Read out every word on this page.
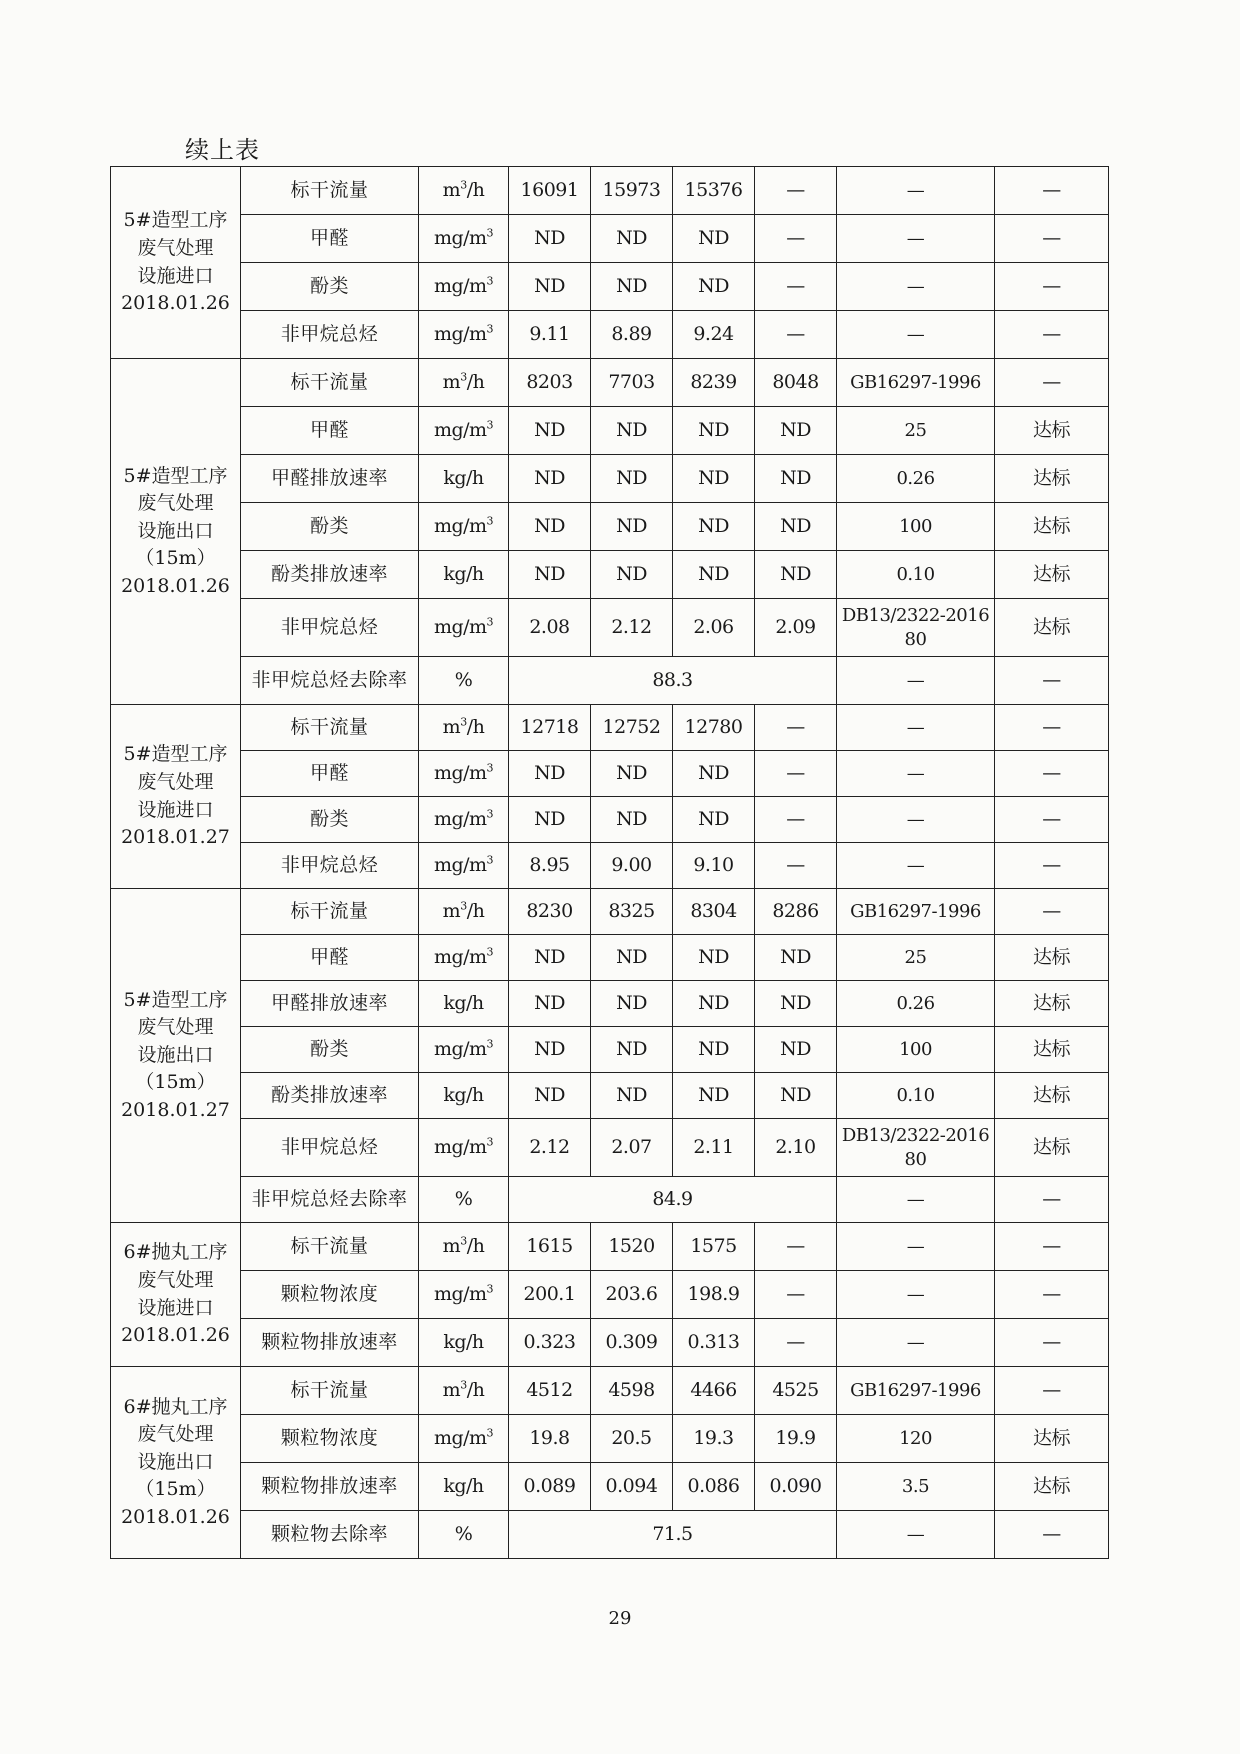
续上表
5#造型工序
废气处理
设施进口
2018.01.26	标干流量	$m^3/h$	16091	15973	15376	—	—	—
	甲醛	$mg/m^3$	ND	ND	ND	—	—	—
	酚类	$mg/m^3$	ND	ND	ND	—	—	—
	非甲烷总烃	$mg/m^3$	9.11	8.89	9.24	—	—	—

5#造型工序
废气处理
设施出口
（15m）
2018.01.26	标干流量	$m^3/h$	8203	7703	8239	8048	GB16297-1996	—
	甲醛	$mg/m^3$	ND	ND	ND	ND	25	达标
	甲醛排放速率	kg/h	ND	ND	ND	ND	0.26	达标
	酚类	$mg/m^3$	ND	ND	ND	ND	100	达标
	酚类排放速率	kg/h	ND	ND	ND	ND	0.10	达标
	非甲烷总烃	$mg/m^3$	2.08	2.12	2.06	2.09	DB13/2322-2016
80	达标
	非甲烷总烃去除率	%	88.3				—	—

5#造型工序
废气处理
设施进口
2018.01.27	标干流量	$m^3/h$	12718	12752	12780	—	—	—
	甲醛	$mg/m^3$	ND	ND	ND	—	—	—
	酚类	$mg/m^3$	ND	ND	ND	—	—	—
	非甲烷总烃	$mg/m^3$	8.95	9.00	9.10	—	—	—

5#造型工序
废气处理
设施出口
（15m）
2018.01.27	标干流量	$m^3/h$	8230	8325	8304	8286	GB16297-1996	—
	甲醛	$mg/m^3$	ND	ND	ND	ND	25	达标
	甲醛排放速率	kg/h	ND	ND	ND	ND	0.26	达标
	酚类	$mg/m^3$	ND	ND	ND	ND	100	达标
	酚类排放速率	kg/h	ND	ND	ND	ND	0.10	达标
	非甲烷总烃	$mg/m^3$	2.12	2.07	2.11	2.10	DB13/2322-2016
80	达标
	非甲烷总烃去除率	%	84.9				—	—

6#抛丸工序
废气处理
设施进口
2018.01.26	标干流量	$m^3/h$	1615	1520	1575	—	—	—
	颗粒物浓度	$mg/m^3$	200.1	203.6	198.9	—	—	—
	颗粒物排放速率	kg/h	0.323	0.309	0.313	—	—	—

6#抛丸工序
废气处理
设施出口
（15m）
2018.01.26	标干流量	$m^3/h$	4512	4598	4466	4525	GB16297-1996	—
	颗粒物浓度	$mg/m^3$	19.8	20.5	19.3	19.9	120	达标
	颗粒物排放速率	kg/h	0.089	0.094	0.086	0.090	3.5	达标
	颗粒物去除率	%	71.5				—	—
29
